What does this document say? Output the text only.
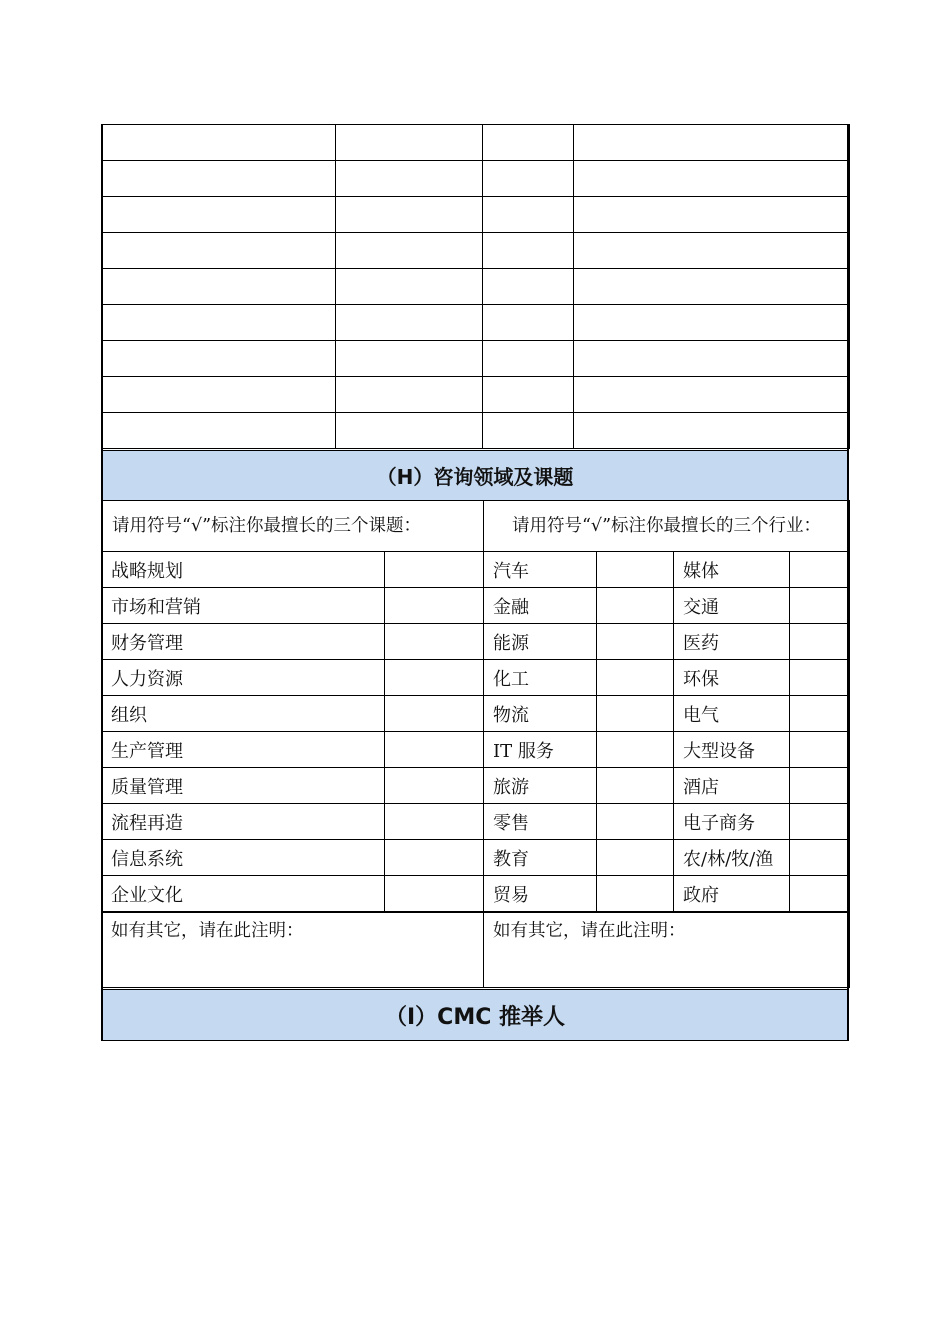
（H）咨询领域及课题
请用符号“√”标注你最擅长的三个课题：	请用符号“√”标注你最擅长的三个行业：
战略规划		汽车		媒体	
市场和营销		金融		交通	
财务管理		能源		医药	
人力资源		化工		环保	
组织		物流		电气	
生产管理		IT 服务		大型设备	
质量管理		旅游		酒店	
流程再造		零售		电子商务	
信息系统		教育		农/林/牧/渔	
企业文化		贸易		政府	
如有其它，请在此注明：	如有其它，请在此注明：
（I）CMC 推举人
